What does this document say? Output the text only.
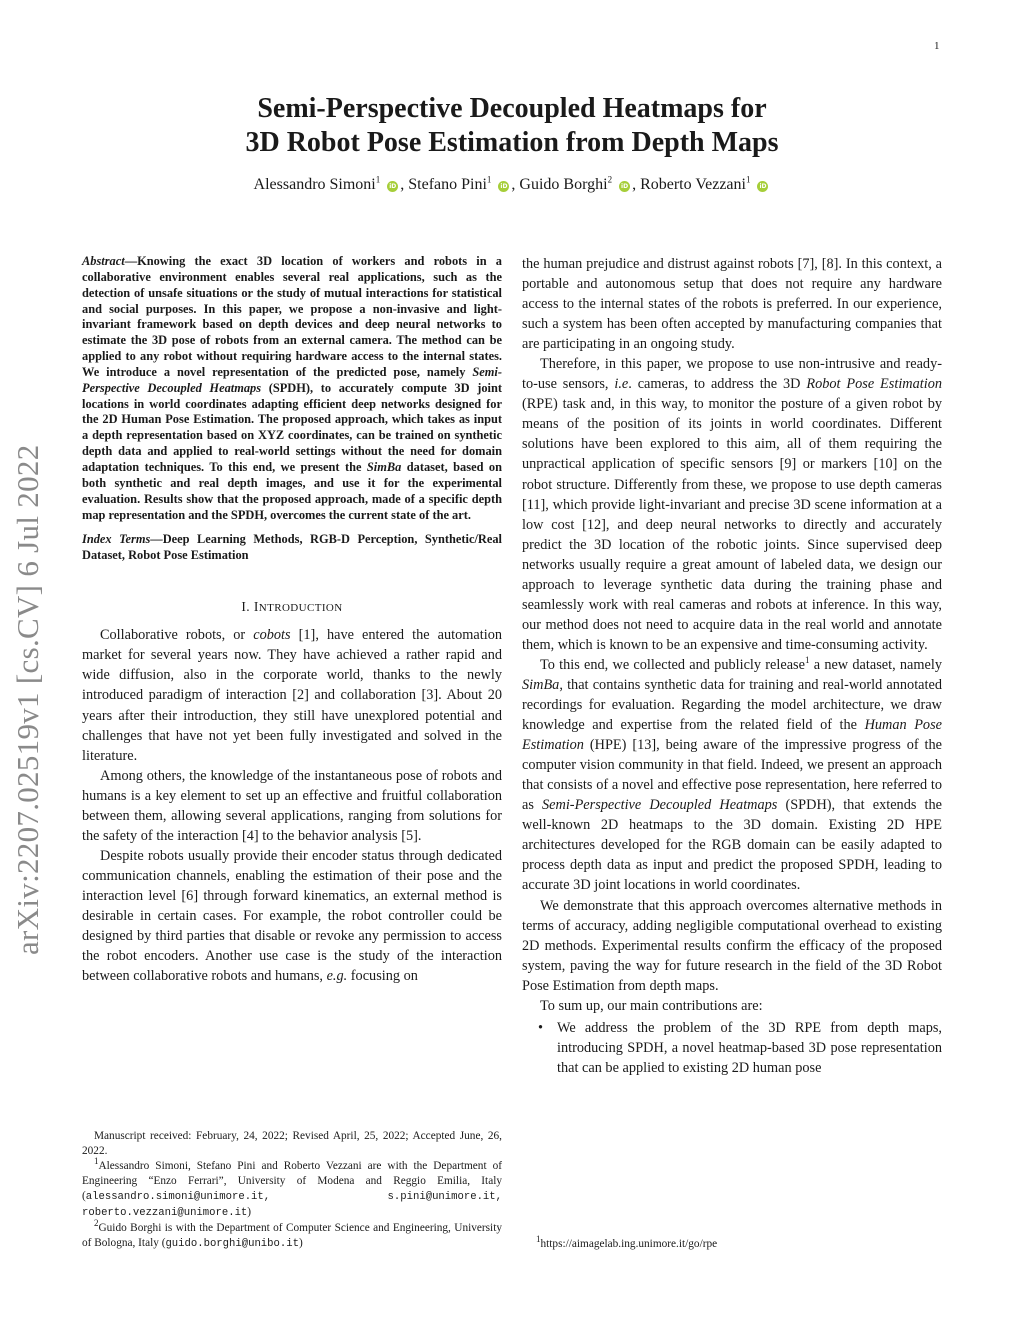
1
arXiv:2207.02519v1 [cs.CV] 6 Jul 2022
Semi-Perspective Decoupled Heatmaps for
3D Robot Pose Estimation from Depth Maps
Alessandro Simoni$^1$ iD , Stefano Pini$^1$ iD , Guido Borghi$^2$ iD , Roberto Vezzani$^1$ iD

Abstract—Knowing the exact 3D location of workers and robots in a collaborative environment enables several real applications, such as the detection of unsafe situations or the study of mutual interactions for statistical and social purposes. In this paper, we propose a non-invasive and light-invariant framework based on depth devices and deep neural networks to estimate the 3D pose of robots from an external camera. The method can be applied to any robot without requiring hardware access to the internal states. We introduce a novel representation of the predicted pose, namely Semi-Perspective Decoupled Heatmaps (SPDH), to accurately compute 3D joint locations in world coordinates adapting efficient deep networks designed for the 2D Human Pose Estimation. The proposed approach, which takes as input a depth representation based on XYZ coordinates, can be trained on synthetic depth data and applied to real-world settings without the need for domain adaptation techniques. To this end, we present the SimBa dataset, based on both synthetic and real depth images, and use it for the experimental evaluation. Results show that the proposed approach, made of a specific depth map representation and the SPDH, overcomes the current state of the art.

Index Terms—Deep Learning Methods, RGB-D Perception, Synthetic/Real Dataset, Robot Pose Estimation

I. INTRODUCTION

Collaborative robots, or cobots [1], have entered the automation market for several years now. They have achieved a rather rapid and wide diffusion, also in the corporate world, thanks to the newly introduced paradigm of interaction [2] and collaboration [3]. About 20 years after their introduction, they still have unexplored potential and challenges that have not yet been fully investigated and solved in the literature.

Among others, the knowledge of the instantaneous pose of robots and humans is a key element to set up an effective and fruitful collaboration between them, allowing several applications, ranging from solutions for the safety of the interaction [4] to the behavior analysis [5].

Despite robots usually provide their encoder status through dedicated communication channels, enabling the estimation of their pose and the interaction level [6] through forward kinematics, an external method is desirable in certain cases. For example, the robot controller could be designed by third parties that disable or revoke any permission to access the robot encoders. Another use case is the study of the interaction between collaborative robots and humans, e.g. focusing on

Manuscript received: February, 24, 2022; Revised April, 25, 2022; Accepted June, 26, 2022.

$^1$Alessandro Simoni, Stefano Pini and Roberto Vezzani are with the Department of Engineering “Enzo Ferrari”, University of Modena and Reggio Emilia, Italy (alessandro.simoni@unimore.it, s.pini@unimore.it, roberto.vezzani@unimore.it)

$^2$Guido Borghi is with the Department of Computer Science and Engineering, University of Bologna, Italy (guido.borghi@unibo.it)

the human prejudice and distrust against robots [7], [8]. In this context, a portable and autonomous setup that does not require any hardware access to the internal states of the robots is preferred. In our experience, such a system has been often accepted by manufacturing companies that are participating in an ongoing study.

Therefore, in this paper, we propose to use non-intrusive and ready-to-use sensors, i.e. cameras, to address the 3D Robot Pose Estimation (RPE) task and, in this way, to monitor the posture of a given robot by means of the position of its joints in world coordinates. Different solutions have been explored to this aim, all of them requiring the unpractical application of specific sensors [9] or markers [10] on the robot structure. Differently from these, we propose to use depth cameras [11], which provide light-invariant and precise 3D scene information at a low cost [12], and deep neural networks to directly and accurately predict the 3D location of the robotic joints. Since supervised deep networks usually require a great amount of labeled data, we design our approach to leverage synthetic data during the training phase and seamlessly work with real cameras and robots at inference. In this way, our method does not need to acquire data in the real world and annotate them, which is known to be an expensive and time-consuming activity.

To this end, we collected and publicly release$^1$ a new dataset, namely SimBa, that contains synthetic data for training and real-world annotated recordings for evaluation. Regarding the model architecture, we draw knowledge and expertise from the related field of the Human Pose Estimation (HPE) [13], being aware of the impressive progress of the computer vision community in that field. Indeed, we present an approach that consists of a novel and effective pose representation, here referred to as Semi-Perspective Decoupled Heatmaps (SPDH), that extends the well-known 2D heatmaps to the 3D domain. Existing 2D HPE architectures developed for the RGB domain can be easily adapted to process depth data as input and predict the proposed SPDH, leading to accurate 3D joint locations in world coordinates.

We demonstrate that this approach overcomes alternative methods in terms of accuracy, adding negligible computational overhead to existing 2D methods. Experimental results confirm the efficacy of the proposed system, paving the way for future research in the field of the 3D Robot Pose Estimation from depth maps.

To sum up, our main contributions are:

• We address the problem of the 3D RPE from depth maps, introducing SPDH, a novel heatmap-based 3D pose representation that can be applied to existing 2D human pose
$^1$https://aimagelab.ing.unimore.it/go/rpe
